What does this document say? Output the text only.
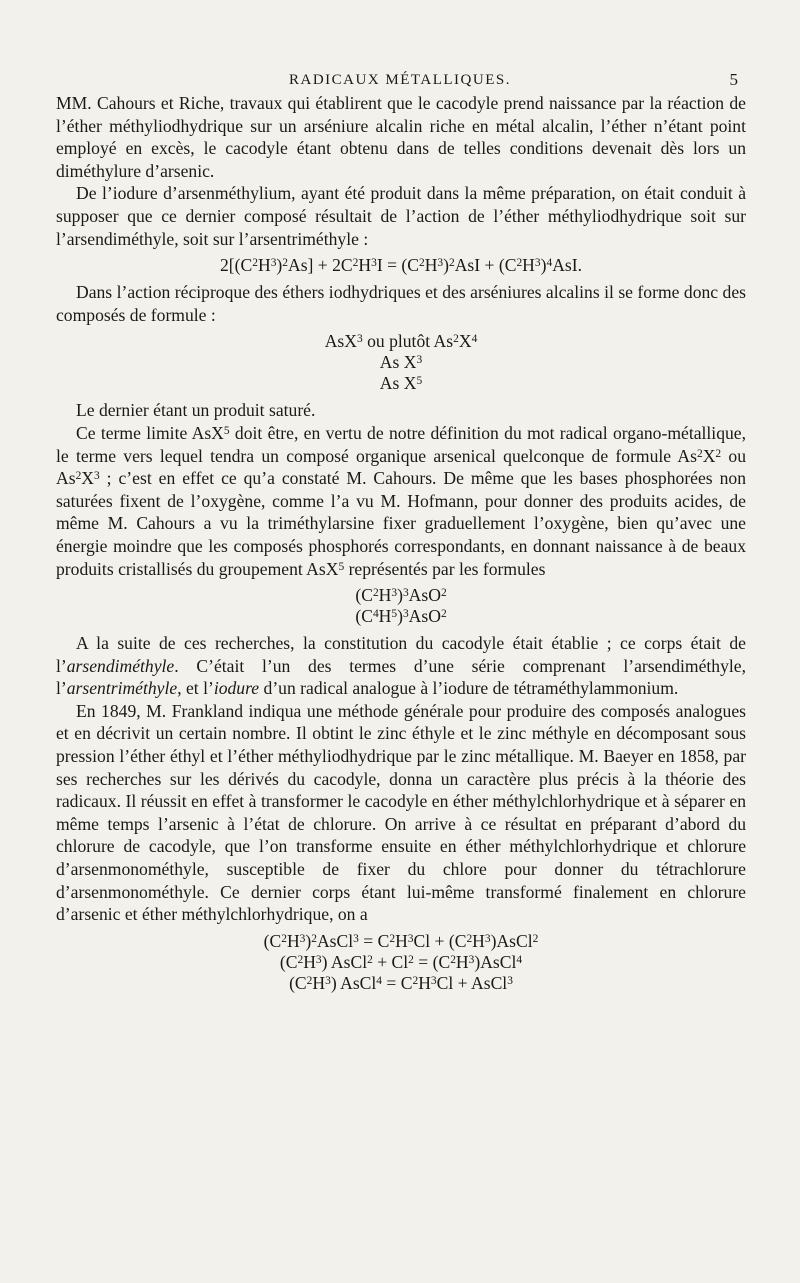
RADICAUX MÉTALLIQUES.	5

MM. Cahours et Riche, travaux qui établirent que le cacodyle prend naissance par la réaction de l’éther méthyliodhydrique sur un arséniure alcalin riche en métal alcalin, l’éther n’étant point employé en excès, le cacodyle étant obtenu dans de telles conditions devenait dès lors un diméthylure d’arsenic.

De l’iodure d’arsenméthylium, ayant été produit dans la même préparation, on était conduit à supposer que ce dernier composé résultait de l’action de l’éther méthyliodhydrique soit sur l’arsendiméthyle, soit sur l’arsentriméthyle :

$2[(C^2H^3)^2As] + 2C^2H^3I = (C^2H^3)^2AsI + (C^2H^3)^4AsI$.

Dans l’action réciproque des éthers iodhydriques et des arséniures alcalins il se forme donc des composés de formule :

AsX$^3$ ou plutôt $As^2X^4$
As $X^3$
As $X^5$

Le dernier étant un produit saturé.

Ce terme limite AsX$^5$ doit être, en vertu de notre définition du mot radical organo-métallique, le terme vers lequel tendra un composé organique arsenical quelconque de formule $As^2X^2$ ou $As^2X^3$ ; c’est en effet ce qu’a constaté M. Cahours. De même que les bases phosphorées non saturées fixent de l’oxygène, comme l’a vu M. Hofmann, pour donner des produits acides, de même M. Cahours a vu la triméthylarsine fixer graduellement l’oxygène, bien qu’avec une énergie moindre que les composés phosphorés correspondants, en donnant naissance à de beaux produits cristallisés du groupement AsX$^5$ représentés par les formules

$(C^2H^3)^3AsO^2$
$(C^4H^5)^3AsO^2$

A la suite de ces recherches, la constitution du cacodyle était établie ; ce corps était de l’arsendiméthyle. C’était l’un des termes d’une série comprenant l’arsendiméthyle, l’arsentriméthyle, et l’iodure d’un radical analogue à l’iodure de tétraméthylammonium.

En 1849, M. Frankland indiqua une méthode générale pour produire des composés analogues et en décrivit un certain nombre. Il obtint le zinc éthyle et le zinc méthyle en décomposant sous pression l’éther éthyl et l’éther méthyliodhydrique par le zinc métallique. M. Baeyer en 1858, par ses recherches sur les dérivés du cacodyle, donna un caractère plus précis à la théorie des radicaux. Il réussit en effet à transformer le cacodyle en éther méthylchlorhydrique et à séparer en même temps l’arsenic à l’état de chlorure. On arrive à ce résultat en préparant d’abord du chlorure de cacodyle, que l’on transforme ensuite en éther méthylchlorhydrique et chlorure d’arsenmonométhyle, susceptible de fixer du chlore pour donner du tétrachlorure d’arsenmonométhyle. Ce dernier corps étant lui-même transformé finalement en chlorure d’arsenic et éther méthylchlorhydrique, on a

$(C^2H^3)^2AsCl^3 = C^2H^3Cl$ + $(C^2H^3)AsCl^2$
$(C^2H^3)$ AsCl$^2$ + $Cl^2$ = $(C^2H^3)AsCl^4$
$(C^2H^3)$ AsCl$^4$ = $C^2H^3Cl$ + AsCl$^3$
